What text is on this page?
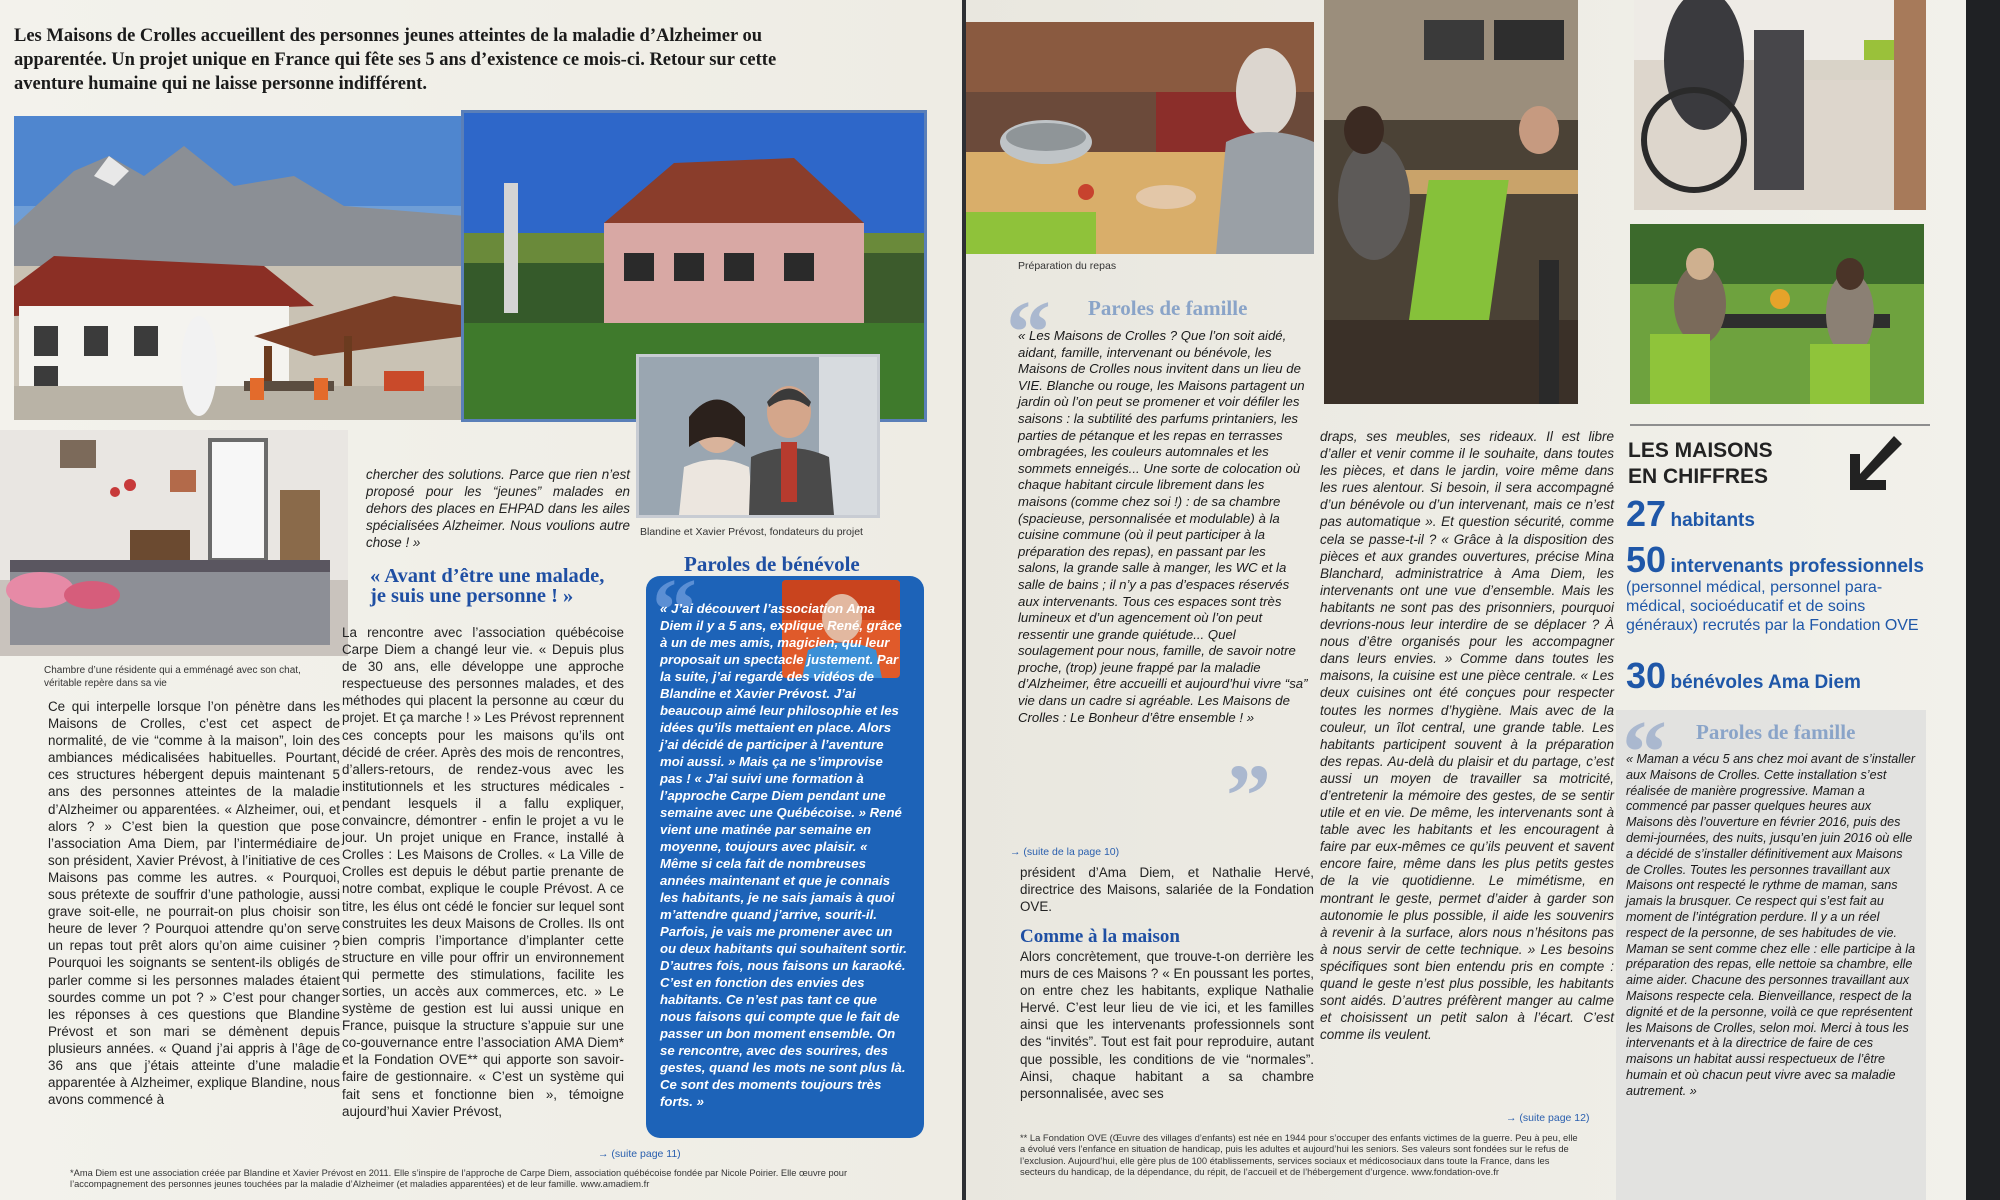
Les Maisons de Crolles accueillent des personnes jeunes atteintes de la maladie d’Alzheimer ou apparentée. Un projet unique en France qui fête ses 5 ans d’existence ce mois-ci. Retour sur cette aventure humaine qui ne laisse personne indifférent.
Blandine et Xavier Prévost, fondateurs du projet
Chambre d’une résidente qui a emménagé avec son chat, véritable repère dans sa vie
Ce qui interpelle lorsque l’on pénètre dans les Maisons de Crolles, c’est cet aspect de normalité, de vie “comme à la maison”, loin des ambiances médicalisées habituelles. Pourtant, ces structures hébergent depuis maintenant 5 ans des personnes atteintes de la maladie d’Alzheimer ou apparentées. « Alzheimer, oui, et alors ? » C’est bien la question que pose l’association Ama Diem, par l’intermédiaire de son président, Xavier Prévost, à l’initiative de ces Maisons pas comme les autres. « Pourquoi, sous prétexte de souffrir d’une pathologie, aussi grave soit-elle, ne pourrait-on plus choisir son heure de lever ? Pourquoi attendre qu’on serve un repas tout prêt alors qu’on aime cuisiner ? Pourquoi les soignants se sentent-ils obligés de parler comme si les personnes malades étaient sourdes comme un pot ? » C’est pour changer les réponses à ces questions que Blandine Prévost et son mari se démènent depuis plusieurs années. « Quand j’ai appris à l’âge de 36 ans que j’étais atteinte d’une maladie apparentée à Alzheimer, explique Blandine, nous avons commencé à
chercher des solutions. Parce que rien n’est proposé pour les “jeunes” malades en dehors des places en EHPAD dans les ailes spécialisées Alzheimer. Nous voulions autre chose ! »
« Avant d’être une malade, je suis une personne ! »
La rencontre avec l’association québécoise Carpe Diem a changé leur vie. « Depuis plus de 30 ans, elle développe une approche respectueuse des personnes malades, et des méthodes qui placent la personne au cœur du projet. Et ça marche ! » Les Prévost reprennent ces concepts pour les maisons qu’ils ont décidé de créer. Après des mois de rencontres, d’allers-retours, de rendez-vous avec les institutionnels et les structures médicales - pendant lesquels il a fallu expliquer, convaincre, démontrer - enfin le projet a vu le jour. Un projet unique en France, installé à Crolles : Les Maisons de Crolles. « La Ville de Crolles est depuis le début partie prenante de notre combat, explique le couple Prévost. A ce titre, les élus ont cédé le foncier sur lequel sont construites les deux Maisons de Crolles. Ils ont bien compris l’importance d’implanter cette structure en ville pour offrir un environnement qui permette des stimulations, facilite les sorties, un accès aux commerces, etc. » Le système de gestion est lui aussi unique en France, puisque la structure s’appuie sur une co-gouvernance entre l’association AMA Diem* et la Fondation OVE** qui apporte son savoir-faire de gestionnaire. « C’est un système qui fait sens et fonctionne bien », témoigne aujourd’hui Xavier Prévost,
→ (suite page 11)
Paroles de bénévole
“
« J’ai découvert l’association Ama Diem il y a 5 ans, explique René, grâce à un de mes amis, magicien, qui leur proposait un spectacle justement. Par la suite, j’ai regardé des vidéos de Blandine et Xavier Prévost. J’ai beaucoup aimé leur philosophie et les idées qu’ils mettaient en place. Alors j’ai décidé de participer à l’aventure moi aussi. » Mais ça ne s’improvise pas ! « J’ai suivi une formation à l’approche Carpe Diem pendant une semaine avec une Québécoise. » René vient une matinée par semaine en moyenne, toujours avec plaisir. « Même si cela fait de nombreuses années maintenant et que je connais les habitants, je ne sais jamais à quoi m’attendre quand j’arrive, sourit-il. Parfois, je vais me promener avec un ou deux habitants qui souhaitent sortir. D’autres fois, nous faisons un karaoké. C’est en fonction des envies des habitants. Ce n’est pas tant ce que nous faisons qui compte que le fait de passer un bon moment ensemble. On se rencontre, avec des sourires, des gestes, quand les mots ne sont plus là. Ce sont des moments toujours très forts. »
*Ama Diem est une association créée par Blandine et Xavier Prévost en 2011. Elle s’inspire de l’approche de Carpe Diem, association québécoise fondée par Nicole Poirier. Elle œuvre pour l’accompagnement des personnes jeunes touchées par la maladie d’Alzheimer (et maladies apparentées) et de leur famille. www.amadiem.fr
Préparation du repas
“ Paroles de famille
« Les Maisons de Crolles ? Que l’on soit aidé, aidant, famille, intervenant ou bénévole, les Maisons de Crolles nous invitent dans un lieu de VIE. Blanche ou rouge, les Maisons partagent un jardin où l’on peut se promener et voir défiler les saisons : la subtilité des parfums printaniers, les parties de pétanque et les repas en terrasses ombragées, les couleurs automnales et les sommets enneigés... Une sorte de colocation où chaque habitant circule librement dans les maisons (comme chez soi !) : de sa chambre (spacieuse, personnalisée et modulable) à la cuisine commune (où il peut participer à la préparation des repas), en passant par les salons, la grande salle à manger, les WC et la salle de bains ; il n’y a pas d’espaces réservés aux intervenants. Tous ces espaces sont très lumineux et d’un agencement où l’on peut ressentir une grande quiétude... Quel soulagement pour nous, famille, de savoir notre proche, (trop) jeune frappé par la maladie d’Alzheimer, être accueilli et aujourd’hui vivre “sa” vie dans un cadre si agréable. Les Maisons de Crolles : Le Bonheur d’être ensemble ! »
”
→ (suite de la page 10)
président d’Ama Diem, et Nathalie Hervé, directrice des Maisons, salariée de la Fondation OVE.
Comme à la maison
Alors concrètement, que trouve-t-on derrière les murs de ces Maisons ? « En poussant les portes, on entre chez les habitants, explique Nathalie Hervé. C’est leur lieu de vie ici, et les familles ainsi que les intervenants professionnels sont des “invités”. Tout est fait pour reproduire, autant que possible, les conditions de vie “normales”. Ainsi, chaque habitant a sa chambre personnalisée, avec ses
draps, ses meubles, ses rideaux. Il est libre d’aller et venir comme il le souhaite, dans toutes les pièces, et dans le jardin, voire même dans les rues alentour. Si besoin, il sera accompagné d’un bénévole ou d’un intervenant, mais ce n’est pas automatique ». Et question sécurité, comme cela se passe-t-il ? « Grâce à la disposition des pièces et aux grandes ouvertures, précise Mina Blanchard, administratrice à Ama Diem, les intervenants ont une vue d’ensemble. Mais les habitants ne sont pas des prisonniers, pourquoi devrions-nous leur interdire de se déplacer ? À nous d’être organisés pour les accompagner dans leurs envies. » Comme dans toutes les maisons, la cuisine est une pièce centrale. « Les deux cuisines ont été conçues pour respecter toutes les normes d’hygiène. Mais avec de la couleur, un îlot central, une grande table. Les habitants participent souvent à la préparation des repas. Au-delà du plaisir et du partage, c’est aussi un moyen de travailler sa motricité, d’entretenir la mémoire des gestes, de se sentir utile et en vie. De même, les intervenants sont à table avec les habitants et les encouragent à faire par eux-mêmes ce qu’ils peuvent et savent encore faire, même dans les plus petits gestes de la vie quotidienne. Le mimétisme, en montrant le geste, permet d’aider à garder son autonomie le plus possible, il aide les souvenirs à revenir à la surface, alors nous n’hésitons pas à nous servir de cette technique. » Les besoins spécifiques sont bien entendu pris en compte : quand le geste n’est plus possible, les habitants sont aidés. D’autres préfèrent manger au calme et choisissent un petit salon à l’écart. C’est comme ils veulent.
→ (suite page 12)
LES MAISONS
EN CHIFFRES
27 habitants
50 intervenants professionnels (personnel médical, personnel para-médical, socioéducatif et de soins généraux) recrutés par la Fondation OVE
30 bénévoles Ama Diem
“ Paroles de famille
« Maman a vécu 5 ans chez moi avant de s’installer aux Maisons de Crolles. Cette installation s’est réalisée de manière progressive. Maman a commencé par passer quelques heures aux Maisons dès l’ouverture en février 2016, puis des demi-journées, des nuits, jusqu’en juin 2016 où elle a décidé de s’installer définitivement aux Maisons de Crolles. Toutes les personnes travaillant aux Maisons ont respecté le rythme de maman, sans jamais la brusquer. Ce respect qui s’est fait au moment de l’intégration perdure. Il y a un réel respect de la personne, de ses habitudes de vie. Maman se sent comme chez elle : elle participe à la préparation des repas, elle nettoie sa chambre, elle aime aider. Chacune des personnes travaillant aux Maisons respecte cela. Bienveillance, respect de la dignité et de la personne, voilà ce que représentent les Maisons de Crolles, selon moi. Merci à tous les intervenants et à la directrice de faire de ces maisons un habitat aussi respectueux de l’être humain et où chacun peut vivre avec sa maladie autrement. »
** La Fondation OVE (Œuvre des villages d’enfants) est née en 1944 pour s’occuper des enfants victimes de la guerre. Peu à peu, elle a évolué vers l’enfance en situation de handicap, puis les adultes et aujourd’hui les seniors. Ses valeurs sont fondées sur le refus de l’exclusion. Aujourd’hui, elle gère plus de 100 établissements, services sociaux et médicosociaux dans toute la France, dans les secteurs du handicap, de la dépendance, du répit, de l’accueil et de l’hébergement d’urgence. www.fondation-ove.fr
